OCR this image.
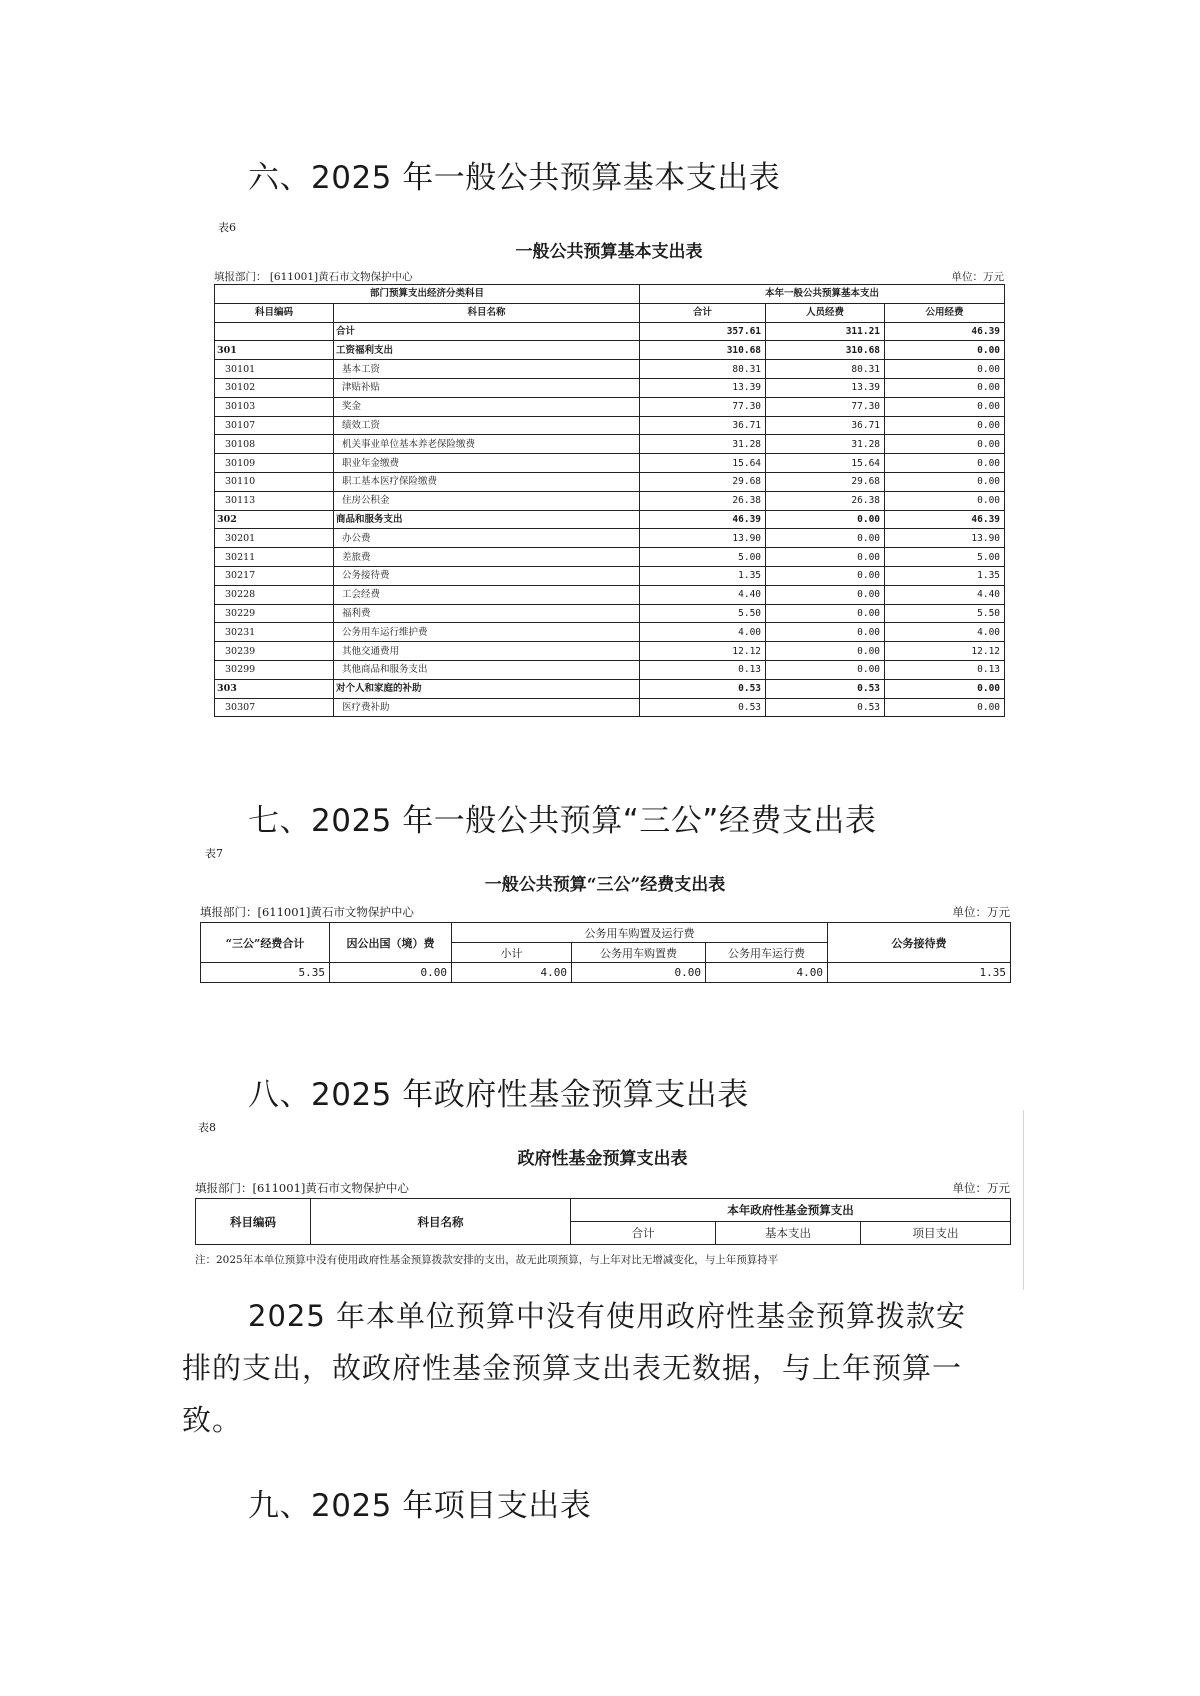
六、2025 年一般公共预算基本支出表
表6
一般公共预算基本支出表
填报部门： [611001]黄石市文物保护中心	单位：万元
部门预算支出经济分类科目		本年一般公共预算基本支出		
科目编码	科目名称	合计	人员经费	公用经费
	合计	357.61	311.21	46.39
301	工资福利支出	310.68	310.68	0.00
30101	基本工资	80.31	80.31	0.00
30102	津贴补贴	13.39	13.39	0.00
30103	奖金	77.30	77.30	0.00
30107	绩效工资	36.71	36.71	0.00
30108	机关事业单位基本养老保险缴费	31.28	31.28	0.00
30109	职业年金缴费	15.64	15.64	0.00
30110	职工基本医疗保险缴费	29.68	29.68	0.00
30113	住房公积金	26.38	26.38	0.00
302	商品和服务支出	46.39	0.00	46.39
30201	办公费	13.90	0.00	13.90
30211	差旅费	5.00	0.00	5.00
30217	公务接待费	1.35	0.00	1.35
30228	工会经费	4.40	0.00	4.40
30229	福利费	5.50	0.00	5.50
30231	公务用车运行维护费	4.00	0.00	4.00
30239	其他交通费用	12.12	0.00	12.12
30299	其他商品和服务支出	0.13	0.00	0.13
303	对个人和家庭的补助	0.53	0.53	0.00
30307	医疗费补助	0.53	0.53	0.00
七、2025 年一般公共预算“三公”经费支出表
表7
一般公共预算“三公”经费支出表
填报部门：[611001]黄石市文物保护中心	单位：万元
“三公”经费合计	因公出国（境）费	公务用车购置及运行费			公务接待费
		小计	公务用车购置费	公务用车运行费	
5.35	0.00	4.00	0.00	4.00	1.35
八、2025 年政府性基金预算支出表
表8
政府性基金预算支出表
填报部门：[611001]黄石市文物保护中心	单位：万元
科目编码	科目名称	本年政府性基金预算支出		
		合计	基本支出	项目支出
注：2025年本单位预算中没有使用政府性基金预算拨款安排的支出，故无此项预算，与上年对比无增减变化，与上年预算持平
2025 年本单位预算中没有使用政府性基金预算拨款安
排的支出，故政府性基金预算支出表无数据，与上年预算一
致。
九、2025 年项目支出表
